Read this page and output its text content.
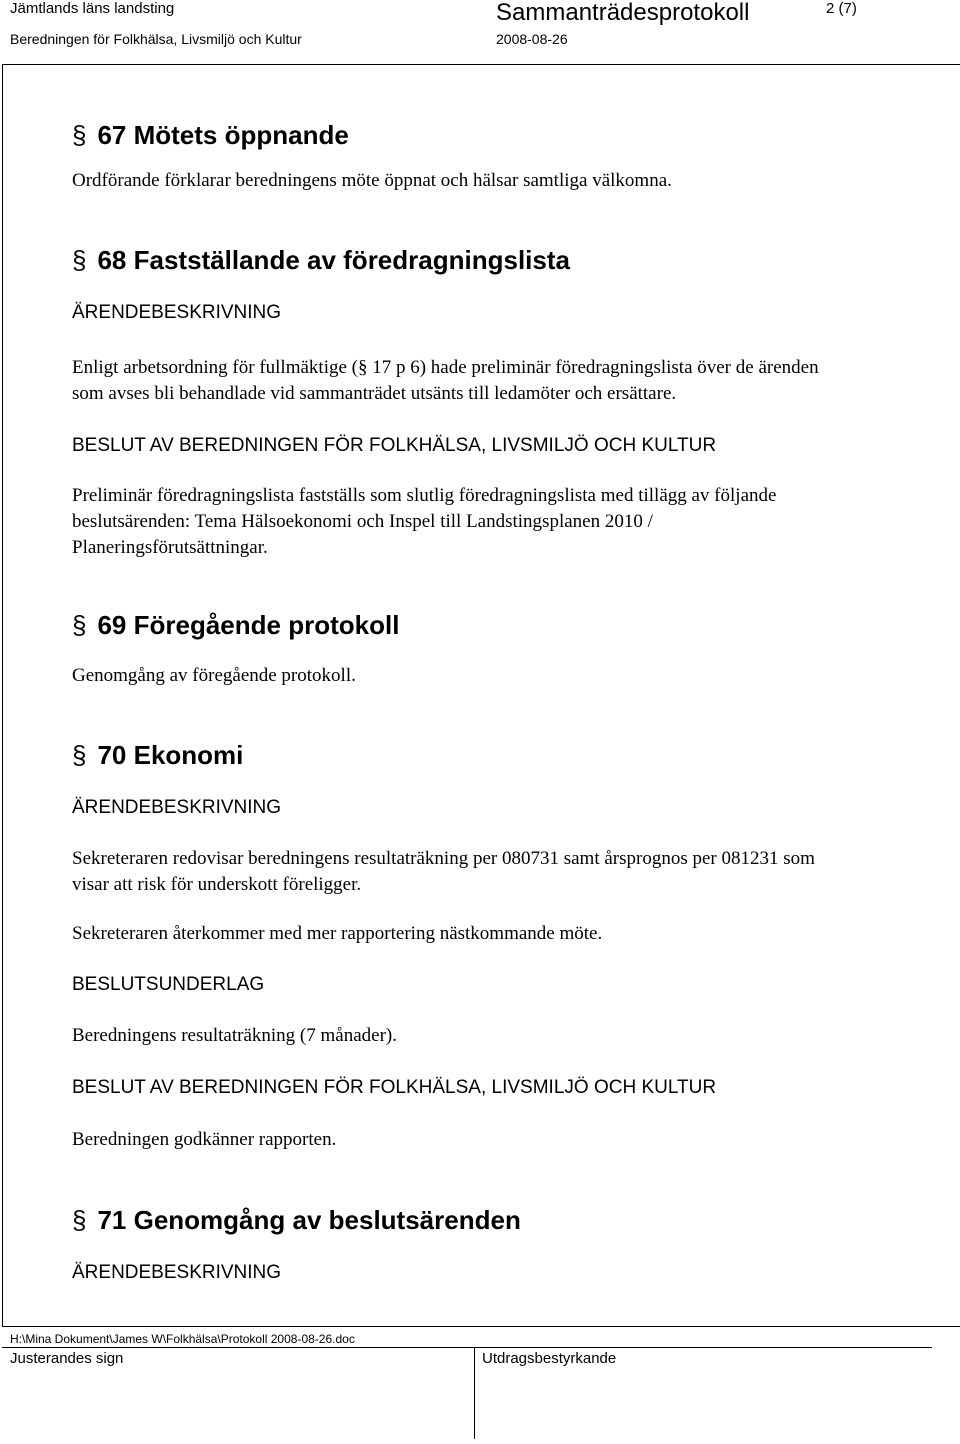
Jämtlands läns landsting
Beredningen för Folkhälsa, Livsmiljö och Kultur
Sammanträdesprotokoll
2008-08-26
2 (7)
§ 67 Mötets öppnande
Ordförande förklarar beredningens möte öppnat och hälsar samtliga välkomna.
§ 68 Fastställande av föredragningslista
ÄRENDEBESKRIVNING
Enligt arbetsordning för fullmäktige (§ 17 p 6) hade preliminär föredragningslista över de ärenden
som avses bli behandlade vid sammanträdet utsänts till ledamöter och ersättare.
BESLUT AV BEREDNINGEN FÖR FOLKHÄLSA, LIVSMILJÖ OCH KULTUR
Preliminär föredragningslista fastställs som slutlig föredragningslista med tillägg av följande
beslutsärenden: Tema Hälsoekonomi och Inspel till Landstingsplanen 2010 /
Planeringsförutsättningar.
§ 69 Föregående protokoll
Genomgång av föregående protokoll.
§ 70 Ekonomi
ÄRENDEBESKRIVNING
Sekreteraren redovisar beredningens resultaträkning per 080731 samt årsprognos per 081231 som
visar att risk för underskott föreligger.
Sekreteraren återkommer med mer rapportering nästkommande möte.
BESLUTSUNDERLAG
Beredningens resultaträkning (7 månader).
BESLUT AV BEREDNINGEN FÖR FOLKHÄLSA, LIVSMILJÖ OCH KULTUR
Beredningen godkänner rapporten.
§ 71 Genomgång av beslutsärenden
ÄRENDEBESKRIVNING
H:\Mina Dokument\James W\Folkhälsa\Protokoll 2008-08-26.doc
Justerandes sign	Utdragsbestyrkande
